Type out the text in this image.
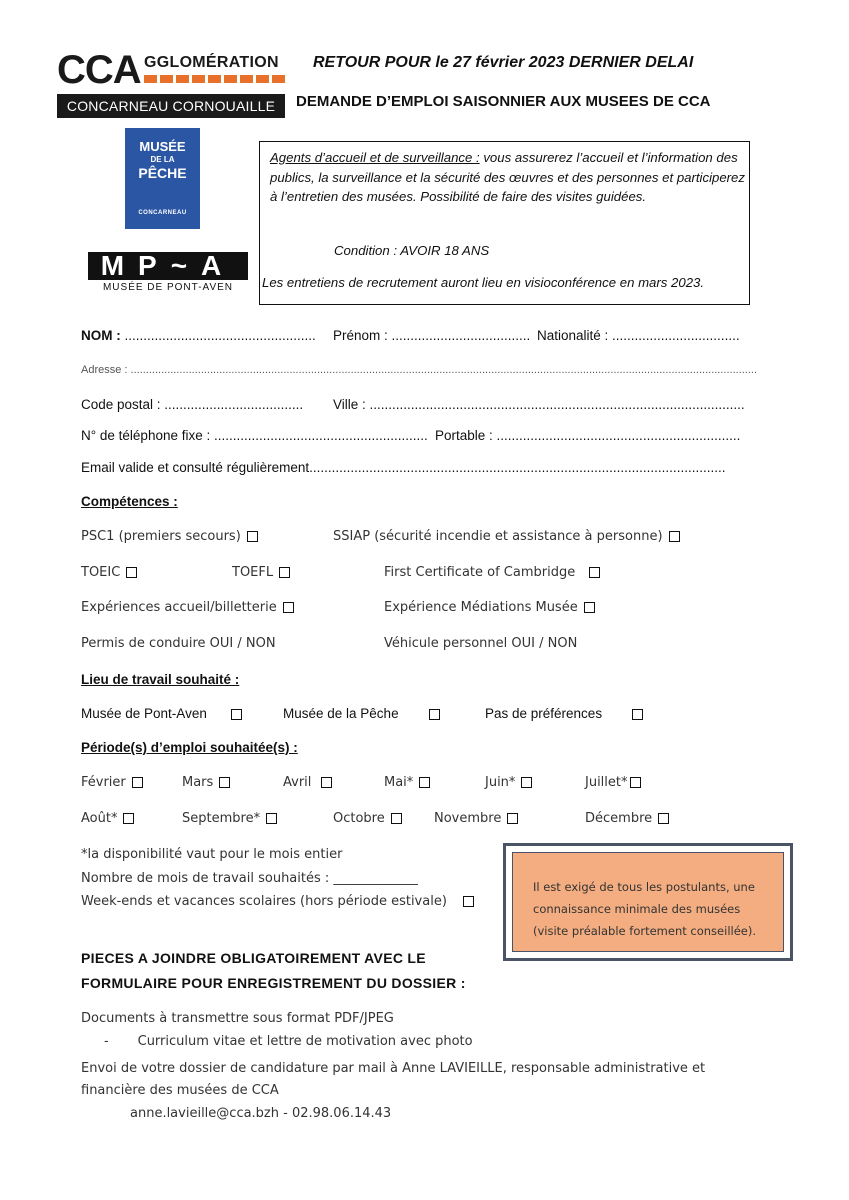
CCA GGLOMÉRATION
CONCARNEAU CORNOUAILLE
RETOUR POUR le 27 février 2023 DERNIER DELAI
DEMANDE D’EMPLOI SAISONNIER AUX MUSEES DE CCA
MUSÉE
DE LA
PÊCHE
CONCARNEAU
MP~A
MUSÉE DE PONT-AVEN
Agents d’accueil et de surveillance : vous assurerez l’accueil et l’information des publics, la surveillance et la sécurité des œuvres et des personnes et participerez à l’entretien des musées. Possibilité de faire des visites guidées.
Condition : AVOIR 18 ANS
Les entretiens de recrutement auront lieu en visioconférence en mars 2023.
NOM : ................................................... Prénom : ..................................... Nationalité : ..................................
Adresse : .............................................................................................................................................................................................................
Code postal : ..................................... Ville : ....................................................................................................
N° de téléphone fixe : ......................................................... Portable : .................................................................
Email valide et consulté régulièrement...............................................................................................................
Compétences :
PSC1 (premiers secours)	SSIAP (sécurité incendie et assistance à personne)
TOEIC	TOEFL	First Certificate of Cambridge
Expériences accueil/billetterie	Expérience Médiations Musée
Permis de conduire OUI / NON	Véhicule personnel OUI / NON
Lieu de travail souhaité :
Musée de Pont-Aven	Musée de la Pêche	Pas de préférences
Période(s) d’emploi souhaitée(s) :
Février	Mars	Avril	Mai*	Juin*	Juillet*
Août*	Septembre*	Octobre	Novembre	Décembre
*la disponibilité vaut pour le mois entier
Nombre de mois de travail souhaités : _____________
Week-ends et vacances scolaires (hors période estivale)
Il est exigé de tous les postulants, une
connaissance minimale des musées
(visite préalable fortement conseillée).
PIECES A JOINDRE OBLIGATOIREMENT AVEC LE
FORMULAIRE POUR ENREGISTREMENT DU DOSSIER :
Documents à transmettre sous format PDF/JPEG
-       Curriculum vitae et lettre de motivation avec photo
Envoi de votre dossier de candidature par mail à Anne LAVIEILLE, responsable administrative et financière des musées de CCA
anne.lavieille@cca.bzh - 02.98.06.14.43
